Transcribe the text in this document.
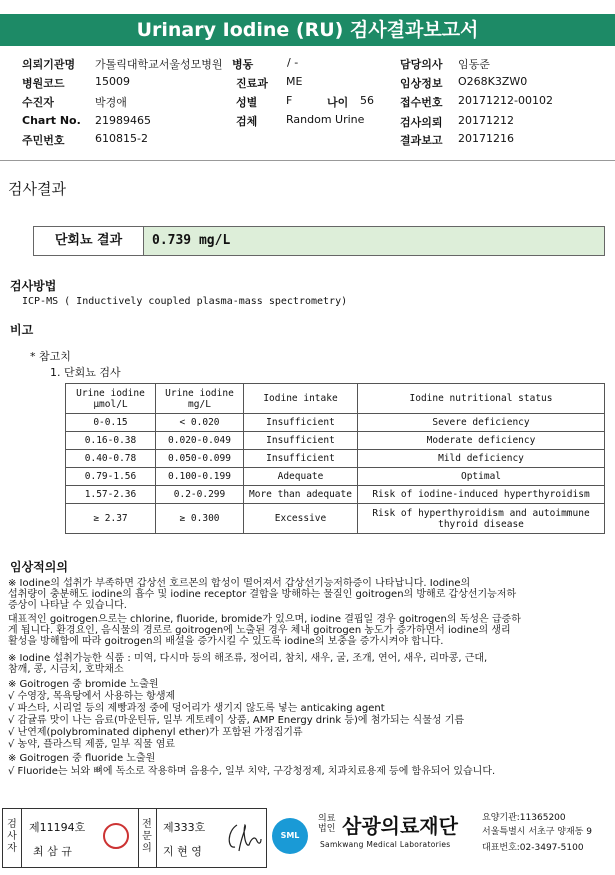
Urinary Iodine (RU) 검사결과보고서
의뢰기관명 가톨릭대학교서울성모병원 병동	/ -	담당의사 임동준
병원코드	15009	진료과 ME	임상정보 O268K3ZW0
수진자	박경애	성별	F	나이 56 접수번호 20171212-00102
Chart No. 21989465	검체	Random Urine	검사의뢰 20171212
주민번호	610815-2	결과보고 20171216
검사결과
단회뇨 결과	0.739 mg/L
검사방법
ICP-MS ( Inductively coupled plasma-mass spectrometry)
비고
* 참고치
1. 단회뇨 검사
Urine iodine μmol/L	Urine iodine mg/L	Iodine intake	Iodine nutritional status
0-0.15	< 0.020	Insufficient	Severe deficiency
0.16-0.38	0.020-0.049	Insufficient	Moderate deficiency
0.40-0.78	0.050-0.099	Insufficient	Mild deficiency
0.79-1.56	0.100-0.199	Adequate	Optimal
1.57-2.36	0.2-0.299	More than adequate	Risk of iodine-induced hyperthyroidism
≥ 2.37	≥ 0.300	Excessive	Risk of hyperthyroidism and autoimmune thyroid disease
임상적의의
※ Iodine의 섭취가 부족하면 갑상선 호르몬의 합성이 떨어져서 갑상선기능저하증이 나타납니다. Iodine의
섭취량이 충분해도 iodine의 흡수 및 iodine receptor 결합을 방해하는 물질인 goitrogen의 방해로 갑상선기능저하
증상이 나타날 수 있습니다.
대표적인 goitrogen으로는 chlorine, fluoride, bromide가 있으며, iodine 결핍일 경우 goitrogen의 독성은 급증하
게 됩니다. 환경요인, 음식물의 경로로 goitrogen에 노출된 경우 체내 goitrogen 농도가 증가하면서 iodine의 생리
활성을 방해함에 따라 goitrogen의 배설을 증가시킬 수 있도록 iodine의 보충을 증가시켜야 합니다.
※ Iodine 섭취가능한 식품 : 미역, 다시마 등의 해조류, 정어리, 참치, 새우, 굴, 조개, 연어, 새우, 리마콩, 근대,
참깨, 콩, 시금치, 호박채소
※ Goitrogen 중 bromide 노출원
√ 수영장, 목욕탕에서 사용하는 항생제
√ 파스타, 시리얼 등의 제빵과정 중에 덩어리가 생기지 않도록 넣는 anticaking agent
√ 감귤류 맛이 나는 음료(마운틴듀, 일부 게토레이 상품, AMP Energy drink 등)에 첨가되는 식물성 기름
√ 난연제(polybrominated diphenyl ether)가 포함된 가정집기류
√ 농약, 플라스틱 제품, 일부 직물 염료
※ Goitrogen 중 fluoride 노출원
√ Fluoride는 뇌와 뼈에 독소로 작용하며 음용수, 일부 치약, 구강청정제, 치과치료용제 등에 함유되어 있습니다.
검사자
제11194호
최 삼 규
전문의
제333호
지 현 영
SML
의료법인 삼광의료재단
Samkwang Medical Laboratories
요양기관:11365200
서울특별시 서초구 양재동 9
대표번호:02-3497-5100
